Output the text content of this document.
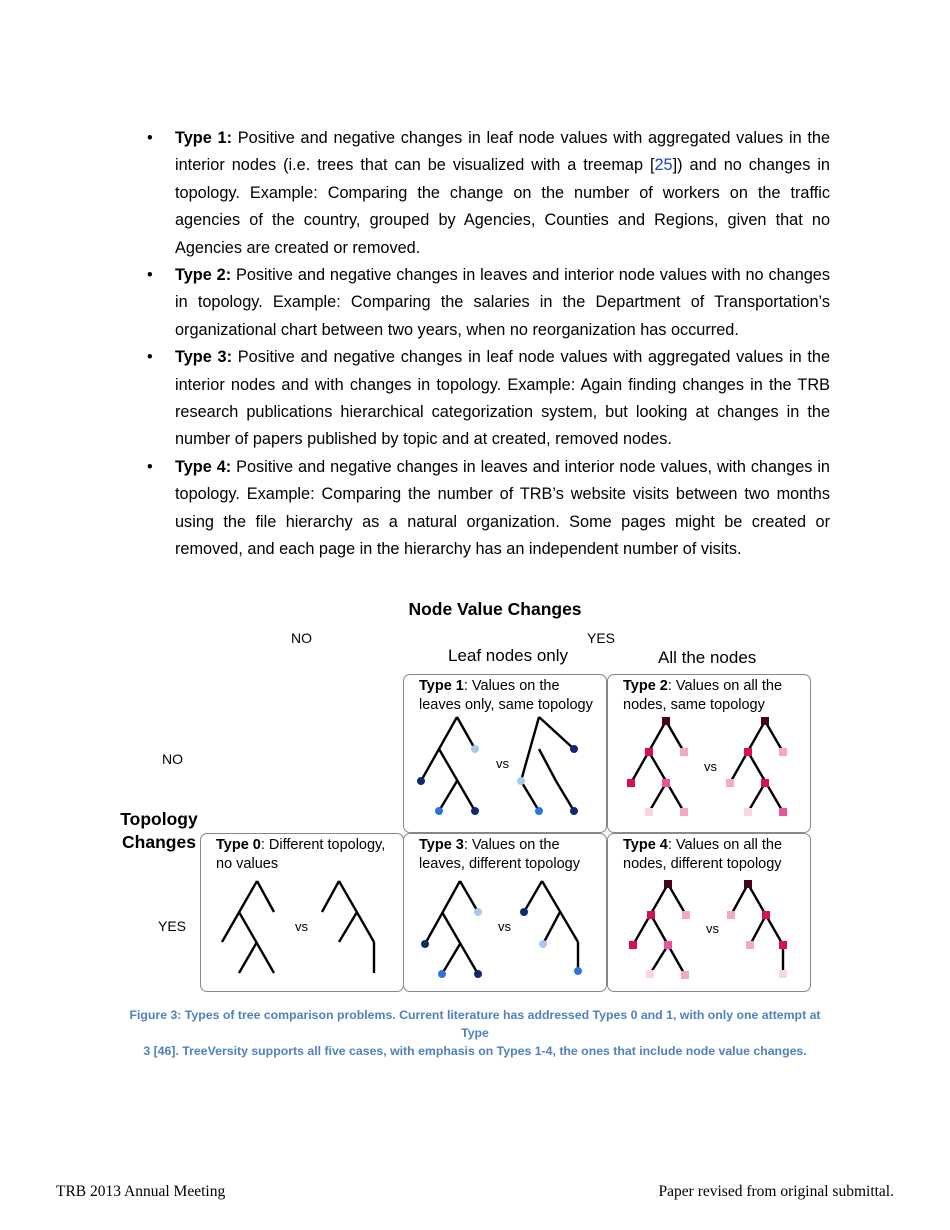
• Type 1: Positive and negative changes in leaf node values with aggregated values in the interior nodes (i.e. trees that can be visualized with a treemap [25]) and no changes in topology. Example: Comparing the change on the number of workers on the traffic agencies of the country, grouped by Agencies, Counties and Regions, given that no Agencies are created or removed.
• Type 2: Positive and negative changes in leaves and interior node values with no changes in topology. Example: Comparing the salaries in the Department of Transportation’s organizational chart between two years, when no reorganization has occurred.
• Type 3: Positive and negative changes in leaf node values with aggregated values in the interior nodes and with changes in topology. Example: Again finding changes in the TRB research publications hierarchical categorization system, but looking at changes in the number of papers published by topic and at created, removed nodes.
• Type 4: Positive and negative changes in leaves and interior node values, with changes in topology. Example: Comparing the number of TRB’s website visits between two months using the file hierarchy as a natural organization. Some pages might be created or removed, and each page in the hierarchy has an independent number of visits.
Node Value Changes
NO	YES
Leaf nodes only	All the nodes
NO
YES
Topology
Changes
vs
Type 1: Values on the
leaves only, same topology
vs
Type 2: Values on all the
nodes, same topology
vs
Type 0: Different topology,
no values
vs
Type 3: Values on the
leaves, different topology
vs
Type 4: Values on all the
nodes, different topology
Figure 3: Types of tree comparison problems. Current literature has addressed Types 0 and 1, with only one attempt at Type
3 [46]. TreeVersity supports all five cases, with emphasis on Types 1-4, the ones that include node value changes.
TRB 2013 Annual Meeting	Paper revised from original submittal.
